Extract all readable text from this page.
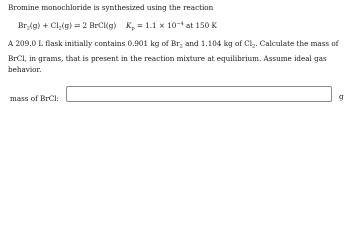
Bromine monochloride is synthesized using the reaction
$Br_2(g) + Cl_2(g)$ ⇌ 2 BrCl(g) $K_p = 1.1 \times 10^{-4}$ at 150 K
A 209.0 L flask initially contains 0.901 kg of $Br_2$ and 1.104 kg of $Cl_2$. Calculate the mass of BrCl, in grams, that is present in the reaction mixture at equilibrium. Assume ideal gas behavior.
mass of BrCl:	g
